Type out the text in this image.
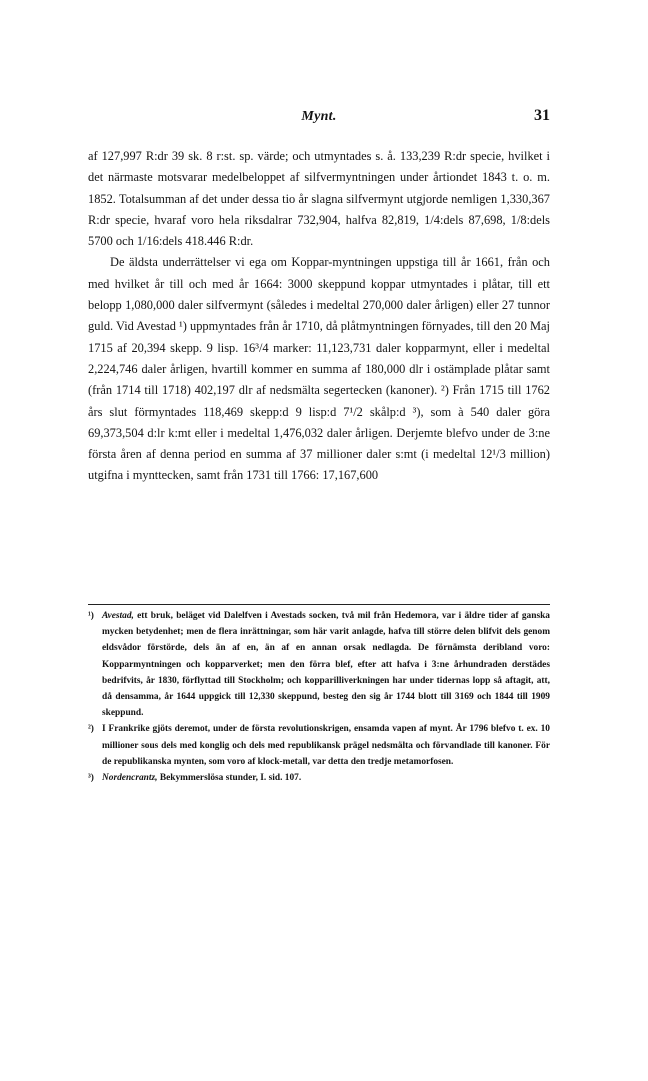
Mynt.	31

af 127,997 R:dr 39 sk. 8 r:st. sp. värde; och utmyntades s. å. 133,239 R:dr specie, hvilket i det närmaste motsvarar medelbeloppet af silfvermyntningen under årtiondet 1843 t. o. m. 1852. Totalsumman af det under dessa tio år slagna silfvermynt utgjorde nemligen 1,330,367 R:dr specie, hvaraf voro hela riksdalrar 732,904, halfva 82,819, 1/4:dels 87,698, 1/8:dels 5700 och 1/16:dels 418.446 R:dr.

De äldsta underrättelser vi ega om Koppar-myntningen uppstiga till år 1661, från och med hvilket år till och med år 1664: 3000 skeppund koppar utmyntades i plåtar, till ett belopp 1,080,000 daler silfvermynt (således i medeltal 270,000 daler årligen) eller 27 tunnor guld. Vid Avestad ¹) uppmyntades från år 1710, då plåtmyntningen förnyades, till den 20 Maj 1715 af 20,394 skepp. 9 lisp. 16³/4 marker: 11,123,731 daler kopparmynt, eller i medeltal 2,224,746 daler årligen, hvartill kommer en summa af 180,000 dlr i ostämplade plåtar samt (från 1714 till 1718) 402,197 dlr af nedsmälta segertecken (kanoner). ²) Från 1715 till 1762 års slut förmyntades 118,469 skepp:d 9 lisp:d 7¹/2 skålp:d ³), som à 540 daler göra 69,373,504 d:lr k:mt eller i medeltal 1,476,032 daler årligen. Derjemte blefvo under de 3:ne första åren af denna period en summa af 37 millioner daler s:mt (i medeltal 12¹/3 million) utgifna i mynttecken, samt från 1731 till 1766: 17,167,600

¹) Avestad, ett bruk, beläget vid Dalelfven i Avestads socken, två mil från Hedemora, var i äldre tider af ganska mycken betydenhet; men de flera inrättningar, som här varit anlagde, hafva till större delen blifvit dels genom eldsvådor förstörde, dels än af en, än af en annan orsak nedlagda. De förnämsta deribland voro: Kopparmyntningen och kopparverket; men den förra blef, efter att hafva i 3:ne århundraden derstädes bedrifvits, år 1830, förflyttad till Stockholm; och kopparilliverkningen har under tidernas lopp så aftagit, att, då densamma, år 1644 uppgick till 12,330 skeppund, besteg den sig år 1744 blott till 3169 och 1844 till 1909 skeppund.

²) I Frankrike gjöts deremot, under de första revolutionskrigen, ensamda vapen af mynt. År 1796 blefvo t. ex. 10 millioner sous dels med konglig och dels med republikansk prägel nedsmälta och förvandlade till kanoner. För de republikanska mynten, som voro af klock-metall, var detta den tredje metamorfosen.

³) Nordencrantz, Bekymmerslösa stunder, I. sid. 107.
